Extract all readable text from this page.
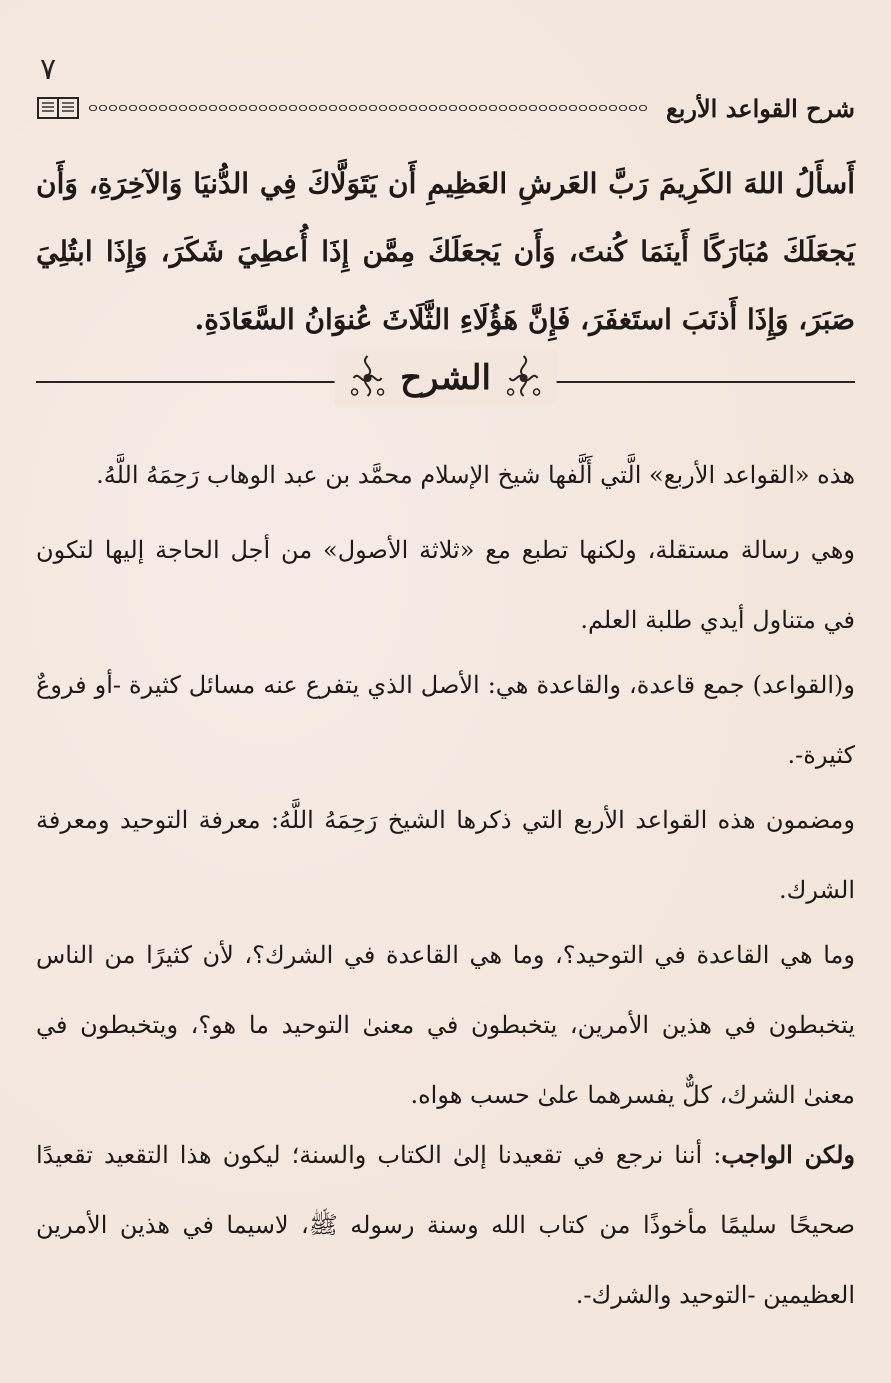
٧
شرح القواعد الأربع
أَسأَلُ اللهَ الكَرِيمَ رَبَّ العَرشِ العَظِيمِ أَن يَتَوَلَّاكَ فِي الدُّنيَا وَالآخِرَةِ، وَأَن يَجعَلَكَ مُبَارَكًا أَينَمَا كُنتَ، وَأَن يَجعَلَكَ مِمَّن إِذَا أُعطِيَ شَكَرَ، وَإِذَا ابتُلِيَ صَبَرَ، وَإِذَا أَذنَبَ استَغفَرَ، فَإِنَّ هَؤُلَاءِ الثَّلَاثَ عُنوَانُ السَّعَادَةِ.
الشرح

هذه «القواعد الأربع» الَّتي أَلَّفها شيخ الإسلام محمَّد بن عبد الوهاب رَحِمَهُ اللَّهُ.

وهي رسالة مستقلة، ولكنها تطبع مع «ثلاثة الأصول» من أجل الحاجة إليها لتكون في متناول أيدي طلبة العلم.

و(القواعد) جمع قاعدة، والقاعدة هي: الأصل الذي يتفرع عنه مسائل كثيرة -أو فروعٌ كثيرة-.

ومضمون هذه القواعد الأربع التي ذكرها الشيخ رَحِمَهُ اللَّهُ: معرفة التوحيد ومعرفة الشرك.

وما هي القاعدة في التوحيد؟، وما هي القاعدة في الشرك؟، لأن كثيرًا من الناس يتخبطون في هذين الأمرين، يتخبطون في معنىٰ التوحيد ما هو؟، ويتخبطون في معنىٰ الشرك، كلٌّ يفسرهما علىٰ حسب هواه.

ولكن الواجب: أننا نرجع في تقعيدنا إلىٰ الكتاب والسنة؛ ليكون هذا التقعيد تقعيدًا صحيحًا سليمًا مأخوذًا من كتاب الله وسنة رسوله ﷺ، لاسيما في هذين الأمرين العظيمين -التوحيد والشرك-.
